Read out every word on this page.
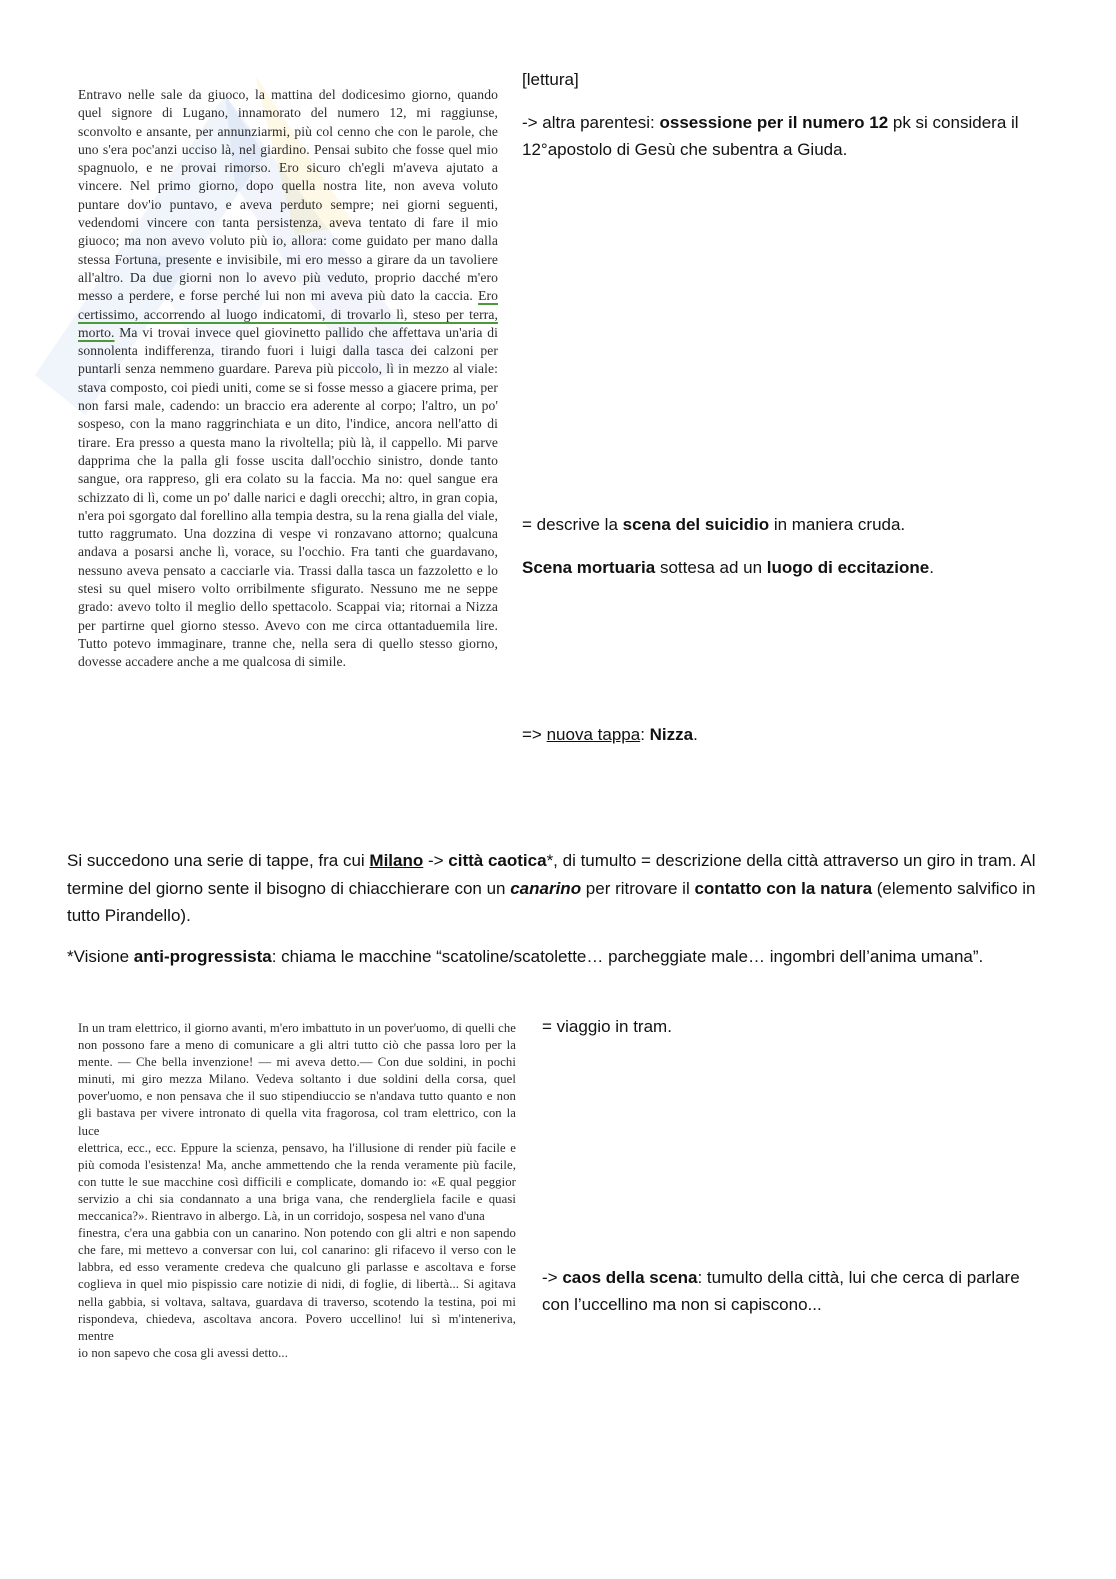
Entravo nelle sale da giuoco, la mattina del dodicesimo giorno, quando quel signore di Lugano, innamorato del numero 12, mi raggiunse, sconvolto e ansante, per annunziarmi, più col cenno che con le parole, che uno s'era poc'anzi ucciso là, nel giardino. Pensai subito che fosse quel mio spagnuolo, e ne provai rimorso. Ero sicuro ch'egli m'aveva ajutato a vincere. Nel primo giorno, dopo quella nostra lite, non aveva voluto puntare dov'io puntavo, e aveva perduto sempre; nei giorni seguenti, vedendomi vincere con tanta persistenza, aveva tentato di fare il mio giuoco; ma non avevo voluto più io, allora: come guidato per mano dalla stessa Fortuna, presente e invisibile, mi ero messo a girare da un tavoliere all'altro. Da due giorni non lo avevo più veduto, proprio dacché m'ero messo a perdere, e forse perché lui non mi aveva più dato la caccia. Ero certissimo, accorrendo al luogo indicatomi, di trovarlo lì, steso per terra, morto. Ma vi trovai invece quel giovinetto pallido che affettava un'aria di sonnolenta indifferenza, tirando fuori i luigi dalla tasca dei calzoni per puntarli senza nemmeno guardare. Pareva più piccolo, lì in mezzo al viale: stava composto, coi piedi uniti, come se si fosse messo a giacere prima, per non farsi male, cadendo: un braccio era aderente al corpo; l'altro, un po' sospeso, con la mano raggrinchiata e un dito, l'indice, ancora nell'atto di tirare. Era presso a questa mano la rivoltella; più là, il cappello. Mi parve dapprima che la palla gli fosse uscita dall'occhio sinistro, donde tanto sangue, ora rappreso, gli era colato su la faccia. Ma no: quel sangue era schizzato di lì, come un po' dalle narici e dagli orecchi; altro, in gran copia, n'era poi sgorgato dal forellino alla tempia destra, su la rena gialla del viale, tutto raggrumato. Una dozzina di vespe vi ronzavano attorno; qualcuna andava a posarsi anche lì, vorace, su l'occhio. Fra tanti che guardavano, nessuno aveva pensato a cacciarle via. Trassi dalla tasca un fazzoletto e lo stesi su quel misero volto orribilmente sfigurato. Nessuno me ne seppe grado: avevo tolto il meglio dello spettacolo. Scappai via; ritornai a Nizza per partirne quel giorno stesso. Avevo con me circa ottantaduemila lire. Tutto potevo immaginare, tranne che, nella sera di quello stesso giorno, dovesse accadere anche a me qualcosa di simile.
[lettura]
-> altra parentesi: ossessione per il numero 12 pk si considera il 12°apostolo di Gesù che subentra a Giuda.
= descrive la scena del suicidio in maniera cruda.
Scena mortuaria sottesa ad un luogo di eccitazione.
=> nuova tappa: Nizza.
Si succedono una serie di tappe, fra cui Milano -> città caotica*, di tumulto = descrizione della città attraverso un giro in tram. Al termine del giorno sente il bisogno di chiacchierare con un canarino per ritrovare il contatto con la natura (elemento salvifico in tutto Pirandello).
*Visione anti-progressista: chiama le macchine “scatoline/scatolette… parcheggiate male… ingombri dell’anima umana”.
In un tram elettrico, il giorno avanti, m'ero imbattuto in un pover'uomo, di quelli che non possono fare a meno di comunicare a gli altri tutto ciò che passa loro per la mente. — Che bella invenzione! — mi aveva detto.— Con due soldini, in pochi minuti, mi giro mezza Milano. Vedeva soltanto i due soldini della corsa, quel pover'uomo, e non pensava che il suo stipendiuccio se n'andava tutto quanto e non gli bastava per vivere intronato di quella vita fragorosa, col tram elettrico, con la luce
elettrica, ecc., ecc. Eppure la scienza, pensavo, ha l'illusione di render più facile e più comoda l'esistenza! Ma, anche ammettendo che la renda veramente più facile, con tutte le sue macchine così difficili e complicate, domando io: «E qual peggior servizio a chi sia condannato a una briga vana, che rendergliela facile e quasi meccanica?». Rientravo in albergo. Là, in un corridojo, sospesa nel vano d'una
finestra, c'era una gabbia con un canarino. Non potendo con gli altri e non sapendo che fare, mi mettevo a conversar con lui, col canarino: gli rifacevo il verso con le labbra, ed esso veramente credeva che qualcuno gli parlasse e ascoltava e forse coglieva in quel mio pispissio care notizie di nidi, di foglie, di libertà... Si agitava nella gabbia, si voltava, saltava, guardava di traverso, scotendo la testina, poi mi rispondeva, chiedeva, ascoltava ancora. Povero uccellino! lui sì m'inteneriva, mentre
io non sapevo che cosa gli avessi detto...
= viaggio in tram.
-> caos della scena: tumulto della città, lui che cerca di parlare con l’uccellino ma non si capiscono...
